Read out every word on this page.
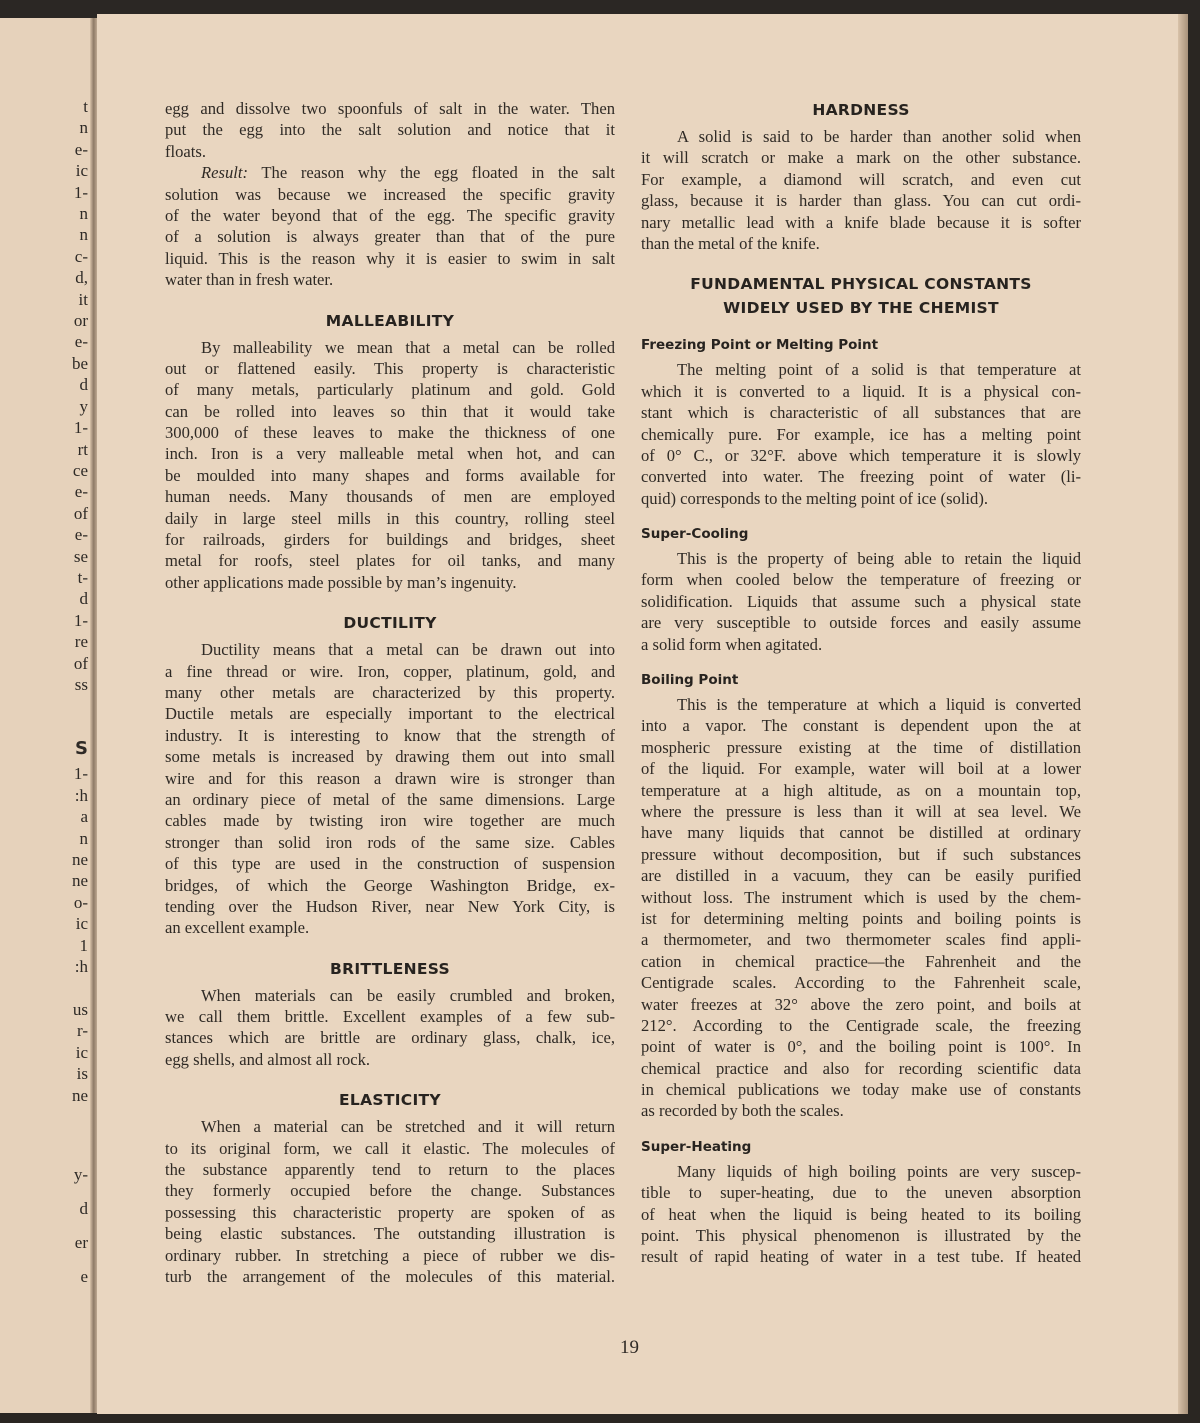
t
n
e-
ic
1-
n
n
c-
d,
it
or
e-
be
d
y
1-
rt
ce
e-
of
e-
se
t-
d
1-
re
of
ss
S
1-
:h
a
n
ne
ne
o-
ic
1
:h

us
r-
ic
is
ne
y-
d
er
e
egg and dissolve two spoonfuls of salt in the water. Then
put the egg into the salt solution and notice that it
floats.
Result: The reason why the egg floated in the salt
solution was because we increased the specific gravity
of the water beyond that of the egg. The specific gravity
of a solution is always greater than that of the pure
liquid. This is the reason why it is easier to swim in salt
water than in fresh water.
MALLEABILITY
By malleability we mean that a metal can be rolled
out or flattened easily. This property is characteristic
of many metals, particularly platinum and gold. Gold
can be rolled into leaves so thin that it would take
300,000 of these leaves to make the thickness of one
inch. Iron is a very malleable metal when hot, and can
be moulded into many shapes and forms available for
human needs. Many thousands of men are employed
daily in large steel mills in this country, rolling steel
for railroads, girders for buildings and bridges, sheet
metal for roofs, steel plates for oil tanks, and many
other applications made possible by man’s ingenuity.
DUCTILITY
Ductility means that a metal can be drawn out into
a fine thread or wire. Iron, copper, platinum, gold, and
many other metals are characterized by this property.
Ductile metals are especially important to the electrical
industry. It is interesting to know that the strength of
some metals is increased by drawing them out into small
wire and for this reason a drawn wire is stronger than
an ordinary piece of metal of the same dimensions. Large
cables made by twisting iron wire together are much
stronger than solid iron rods of the same size. Cables
of this type are used in the construction of suspension
bridges, of which the George Washington Bridge, ex-
tending over the Hudson River, near New York City, is
an excellent example.
BRITTLENESS
When materials can be easily crumbled and broken,
we call them brittle. Excellent examples of a few sub-
stances which are brittle are ordinary glass, chalk, ice,
egg shells, and almost all rock.
ELASTICITY
When a material can be stretched and it will return
to its original form, we call it elastic. The molecules of
the substance apparently tend to return to the places
they formerly occupied before the change. Substances
possessing this characteristic property are spoken of as
being elastic substances. The outstanding illustration is
ordinary rubber. In stretching a piece of rubber we dis-
turb the arrangement of the molecules of this material.
HARDNESS
A solid is said to be harder than another solid when
it will scratch or make a mark on the other substance.
For example, a diamond will scratch, and even cut
glass, because it is harder than glass. You can cut ordi-
nary metallic lead with a knife blade because it is softer
than the metal of the knife.
FUNDAMENTAL PHYSICAL CONSTANTS
WIDELY USED BY THE CHEMIST
Freezing Point or Melting Point
The melting point of a solid is that temperature at
which it is converted to a liquid. It is a physical con-
stant which is characteristic of all substances that are
chemically pure. For example, ice has a melting point
of 0° C., or 32°F. above which temperature it is slowly
converted into water. The freezing point of water (li-
quid) corresponds to the melting point of ice (solid).
Super-Cooling
This is the property of being able to retain the liquid
form when cooled below the temperature of freezing or
solidification. Liquids that assume such a physical state
are very susceptible to outside forces and easily assume
a solid form when agitated.
Boiling Point
This is the temperature at which a liquid is converted
into a vapor. The constant is dependent upon the at
mospheric pressure existing at the time of distillation
of the liquid. For example, water will boil at a lower
temperature at a high altitude, as on a mountain top,
where the pressure is less than it will at sea level. We
have many liquids that cannot be distilled at ordinary
pressure without decomposition, but if such substances
are distilled in a vacuum, they can be easily purified
without loss. The instrument which is used by the chem-
ist for determining melting points and boiling points is
a thermometer, and two thermometer scales find appli-
cation in chemical practice—the Fahrenheit and the
Centigrade scales. According to the Fahrenheit scale,
water freezes at 32° above the zero point, and boils at
212°. According to the Centigrade scale, the freezing
point of water is 0°, and the boiling point is 100°. In
chemical practice and also for recording scientific data
in chemical publications we today make use of constants
as recorded by both the scales.
Super-Heating
Many liquids of high boiling points are very suscep-
tible to super-heating, due to the uneven absorption
of heat when the liquid is being heated to its boiling
point. This physical phenomenon is illustrated by the
result of rapid heating of water in a test tube. If heated
19
